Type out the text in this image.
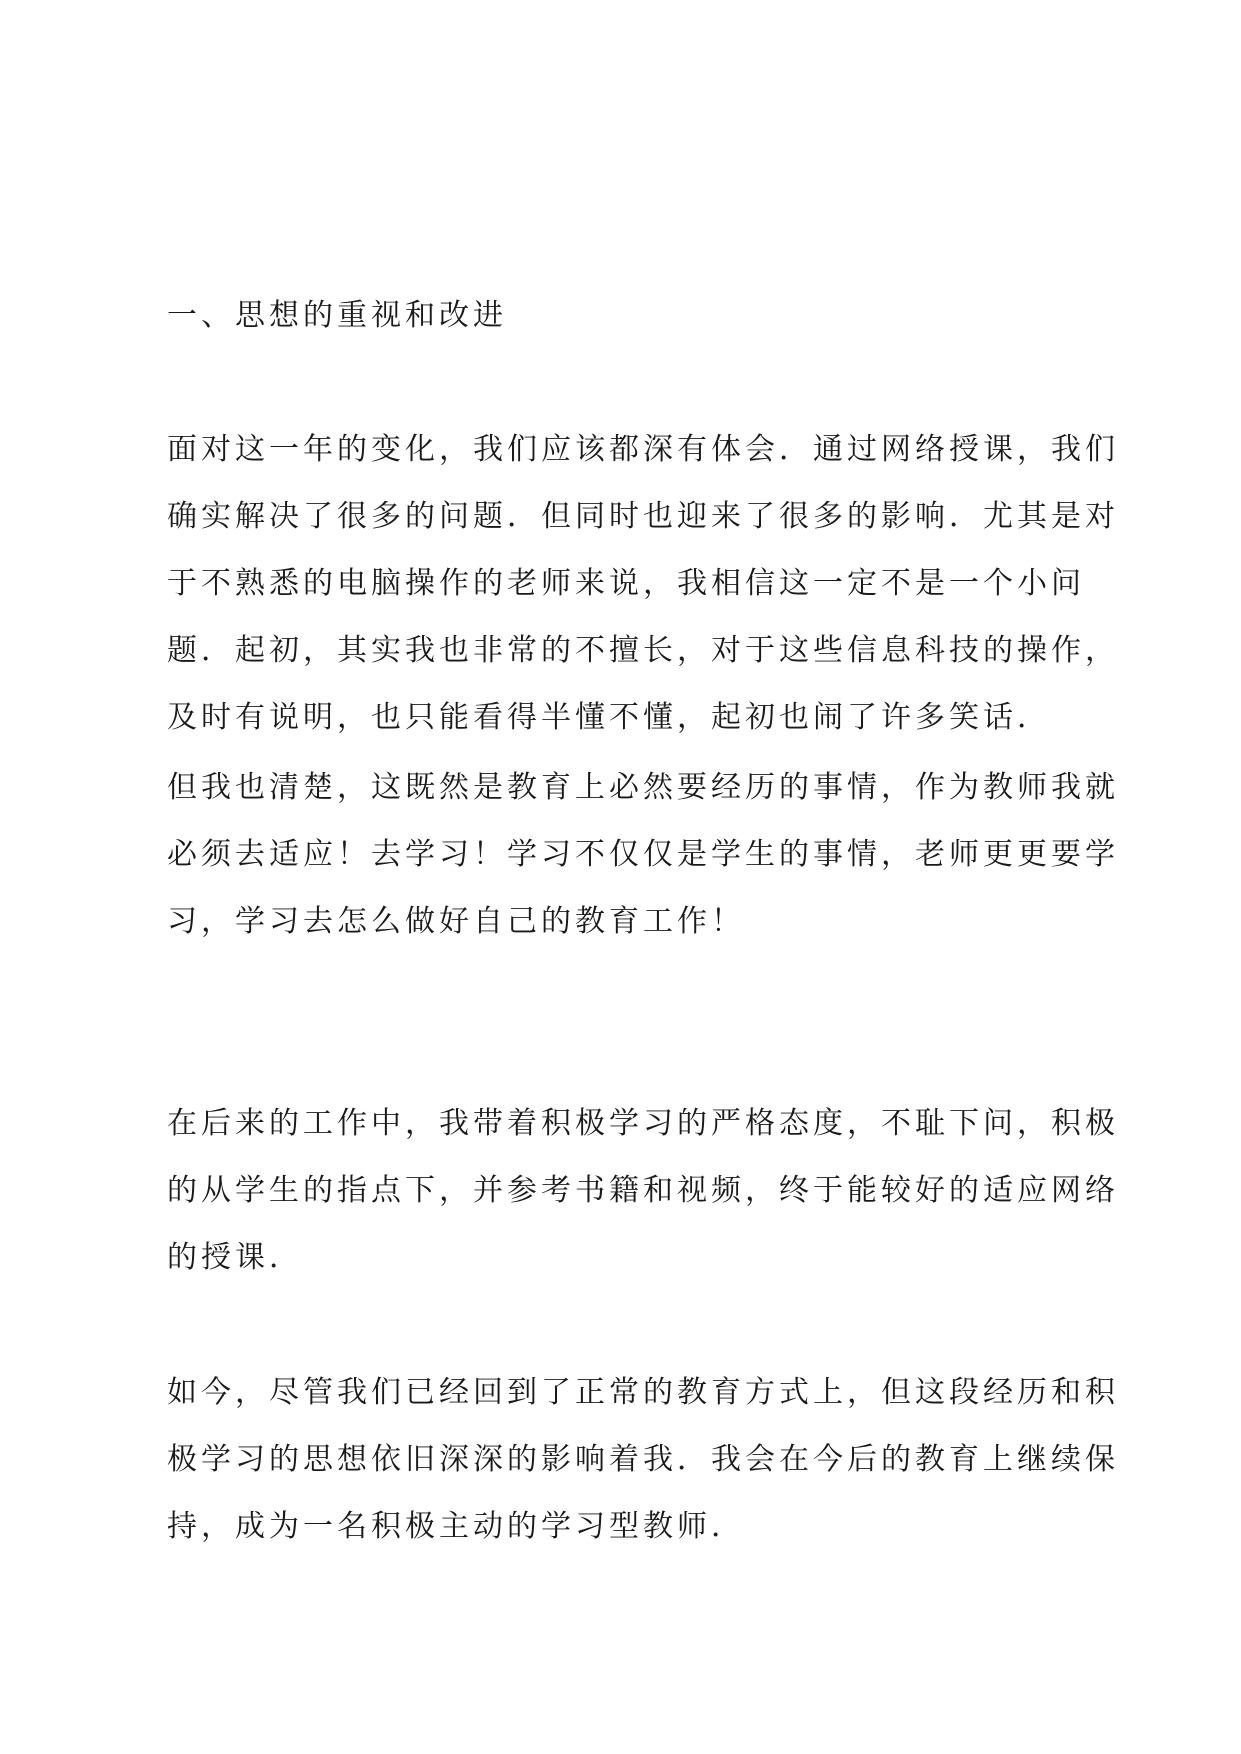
一、思想的重视和改进
面对这一年的变化，我们应该都深有体会．通过网络授课，我们
确实解决了很多的问题．但同时也迎来了很多的影响．尤其是对
于不熟悉的电脑操作的老师来说，我相信这一定不是一个小问
题．起初，其实我也非常的不擅长，对于这些信息科技的操作，
及时有说明，也只能看得半懂不懂，起初也闹了许多笑话．
但我也清楚，这既然是教育上必然要经历的事情，作为教师我就
必须去适应！去学习！学习不仅仅是学生的事情，老师更更要学
习，学习去怎么做好自己的教育工作！
在后来的工作中，我带着积极学习的严格态度，不耻下问，积极
的从学生的指点下，并参考书籍和视频，终于能较好的适应网络
的授课．
如今，尽管我们已经回到了正常的教育方式上，但这段经历和积
极学习的思想依旧深深的影响着我．我会在今后的教育上继续保
持，成为一名积极主动的学习型教师．
